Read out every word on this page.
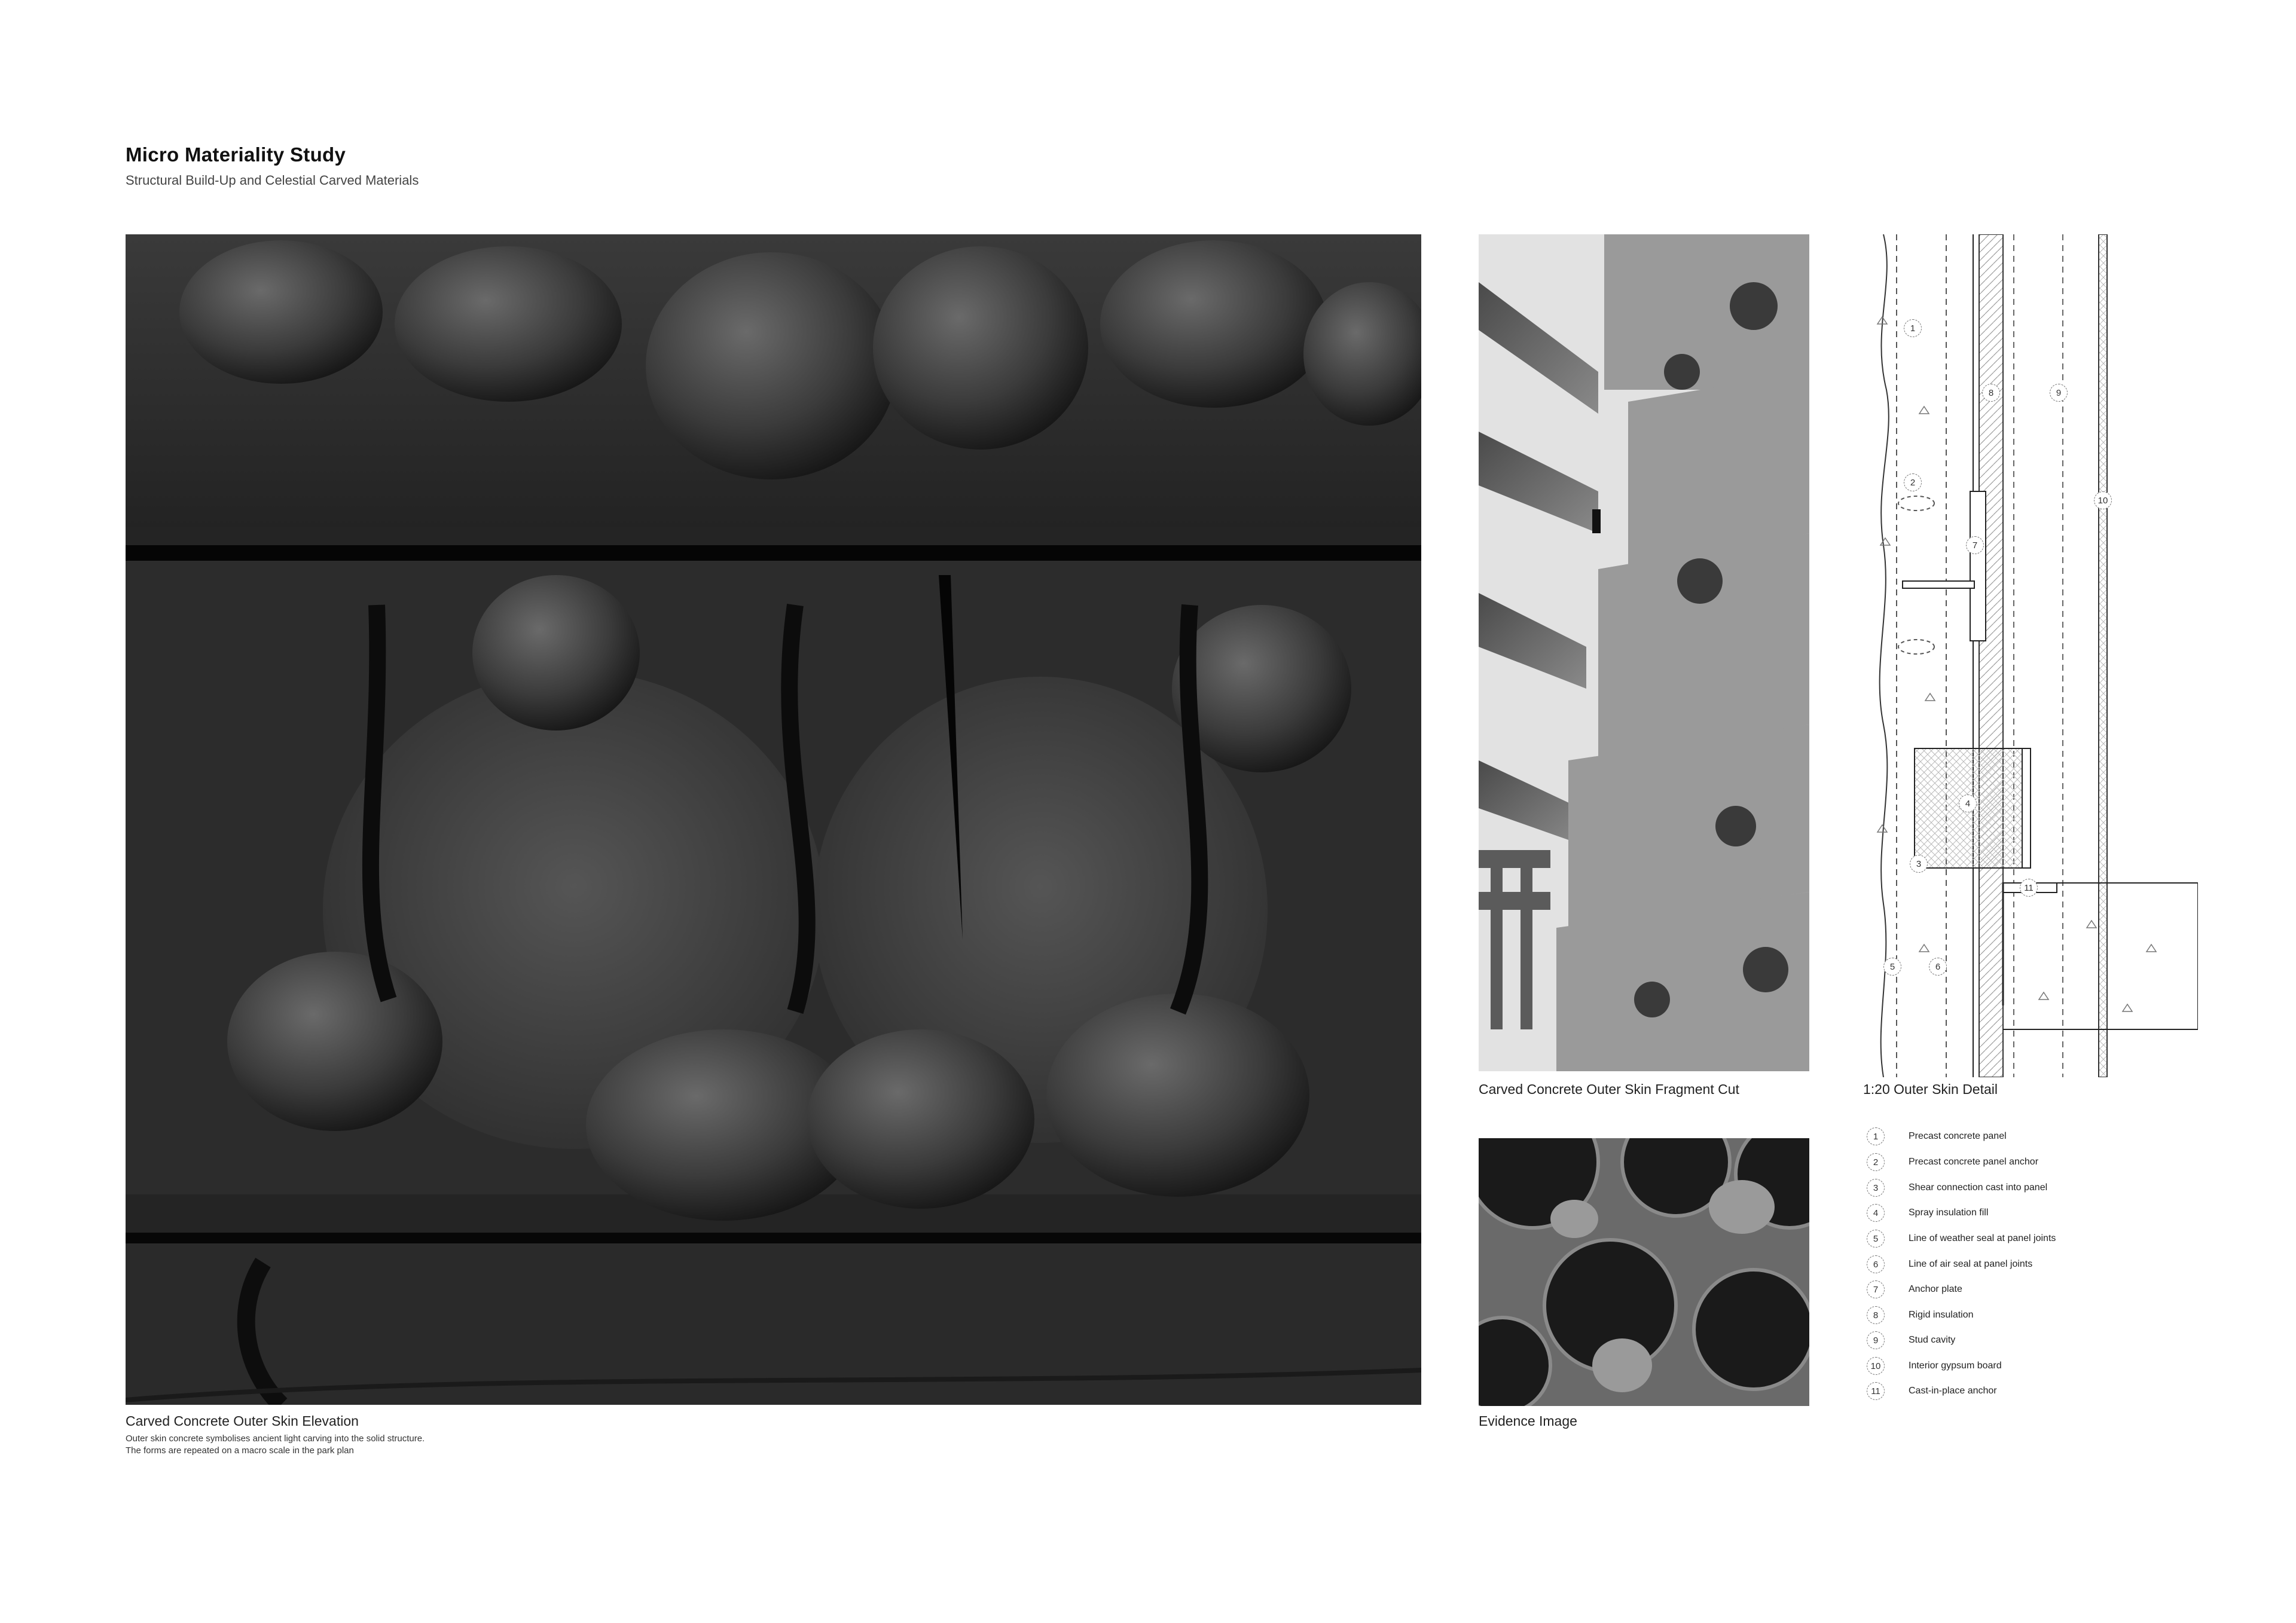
Micro Materiality Study
Structural Build-Up and Celestial Carved Materials
Carved Concrete Outer Skin Elevation
Outer skin concrete symbolises ancient light carving into the solid structure.
The forms are repeated on a macro scale in the park plan
Carved Concrete Outer Skin Fragment Cut
Evidence Image
1
2
3
4
5	6
7
8	9
10
11
1:20 Outer Skin Detail
1	Precast concrete panel
2	Precast concrete panel anchor
3	Shear connection cast into panel
4	Spray insulation fill
5	Line of weather seal at panel joints
6	Line of air seal at panel joints
7	Anchor plate
8	Rigid insulation
9	Stud cavity
10	Interior gypsum board
11	Cast-in-place anchor
